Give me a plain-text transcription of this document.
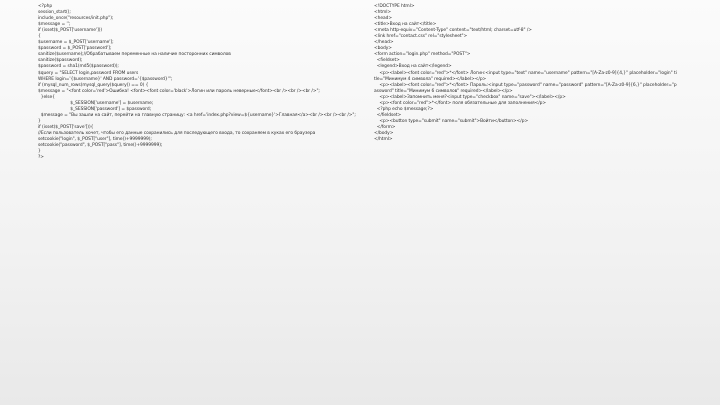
<?php
session_start();
include_once("resources/init.php");
$message = '';
if (isset($_POST['username']))
{
$username = $_POST['username'];
$password = $_POST['password'];
sanitize($username);//Обрабатываем переменные на наличие посторонних символов
sanitize($password);
$password = sha1(md5($password));
$query = "SELECT login,password FROM users
WHERE login='{$username}' AND password='{$password}'";
if (mysql_num_rows(mysql_query($query)) == 0) {
$message = "<font color='red'>Ошибка! <font><font color='black'>Логин или пароль неверные</font><br /><br /><br />";
}else{
$_SESSION['username'] = $username;
$_SESSION['password'] = $password;
$message = "Вы зашли на сайт, перейти на главную страницу: <a href='index.php?view=${username}'>Главная</a><br /><br /><br />";
}
if (isset($_POST['save'])){
//Если пользователь хочет, чтобы его данные сохранились для последующего входа, то сохраняем в куках его браузера
setcookie("login", $_POST["user"], time()+9999999);
setcookie("password", $_POST["pass"], time()+9999999);
}
?>
<!DOCTYPE html>
<html>
<head>
<title>Вход на сайт</title>
<meta http-equiv="Content-Type" content="text/html; charset=utf-8" />
<link href="contact.css" rel="stylesheet">
</head>
<body>
<form action="login.php" method="POST">
<fieldset>
<legend>Вход на сайт</legend>
<p><label><font color="red">*</font> Логин:<input type="text" name="username" pattern="[A-Za-z0-9]{4,}" placeholder="login" title="Минимум 4 символа" required></label></p>
<p><label><font color="red">*</font> Пароль:<input type="password" name="password" pattern="[A-Za-z0-9]{6,}" placeholder="password" title="Минимум 6 символов" required></label></p>
<p><label>Запомнить меня?<input type="checkbox" name="save"></label></p>
<p><font color="red">*</font> поля обязательные для заполнения</p>
<?php echo $message;?>
</fieldset>
<p><button type="submit" name="submit">Войти</button></p>
</form>
</body>
</html>
